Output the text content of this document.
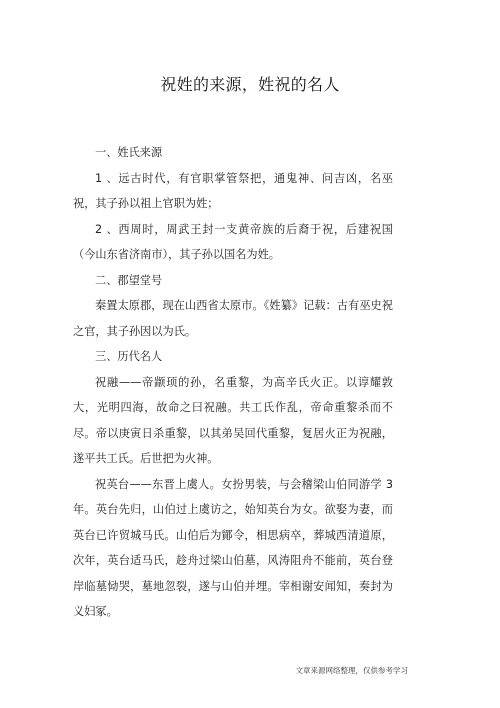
祝姓的来源，姓祝的名人

一、姓氏来源

1 、远古时代，有官职掌管祭把，通鬼神、问吉凶，名巫祝，其子孙以祖上官职为姓；

2 、西周时，周武王封一支黄帝族的后裔于祝，后建祝国（今山东省济南市），其子孙以国名为姓。

二、郡望堂号

秦置太原郡，现在山西省太原市。《姓纂》记载：古有巫史祝之官，其子孙因以为氏。

三、历代名人

祝融——帝颛顼的孙，名重黎，为高辛氏火正。以谆耀敦大，光明四海，故命之曰祝融。共工氏作乱，帝命重黎杀而不尽。帝以庚寅日杀重黎，以其弟吴回代重黎，复居火正为祝融，遂平共工氏。后世把为火神。

祝英台——东晋上虞人。女扮男装，与会稽梁山伯同游学 3 年。英台先归，山伯过上虞访之，始知英台为女。欲娶为妻，而英台已许贸城马氏。山伯后为鄮令，相思病卒，葬城西清道原，次年，英台适马氏，趁舟过梁山伯墓，风涛阻舟不能前，英台登岸临墓恸哭，墓地忽裂，遂与山伯并埋。宰相谢安闻知，奏封为义妇冢。

文章来源网络整理，仅供参考学习
